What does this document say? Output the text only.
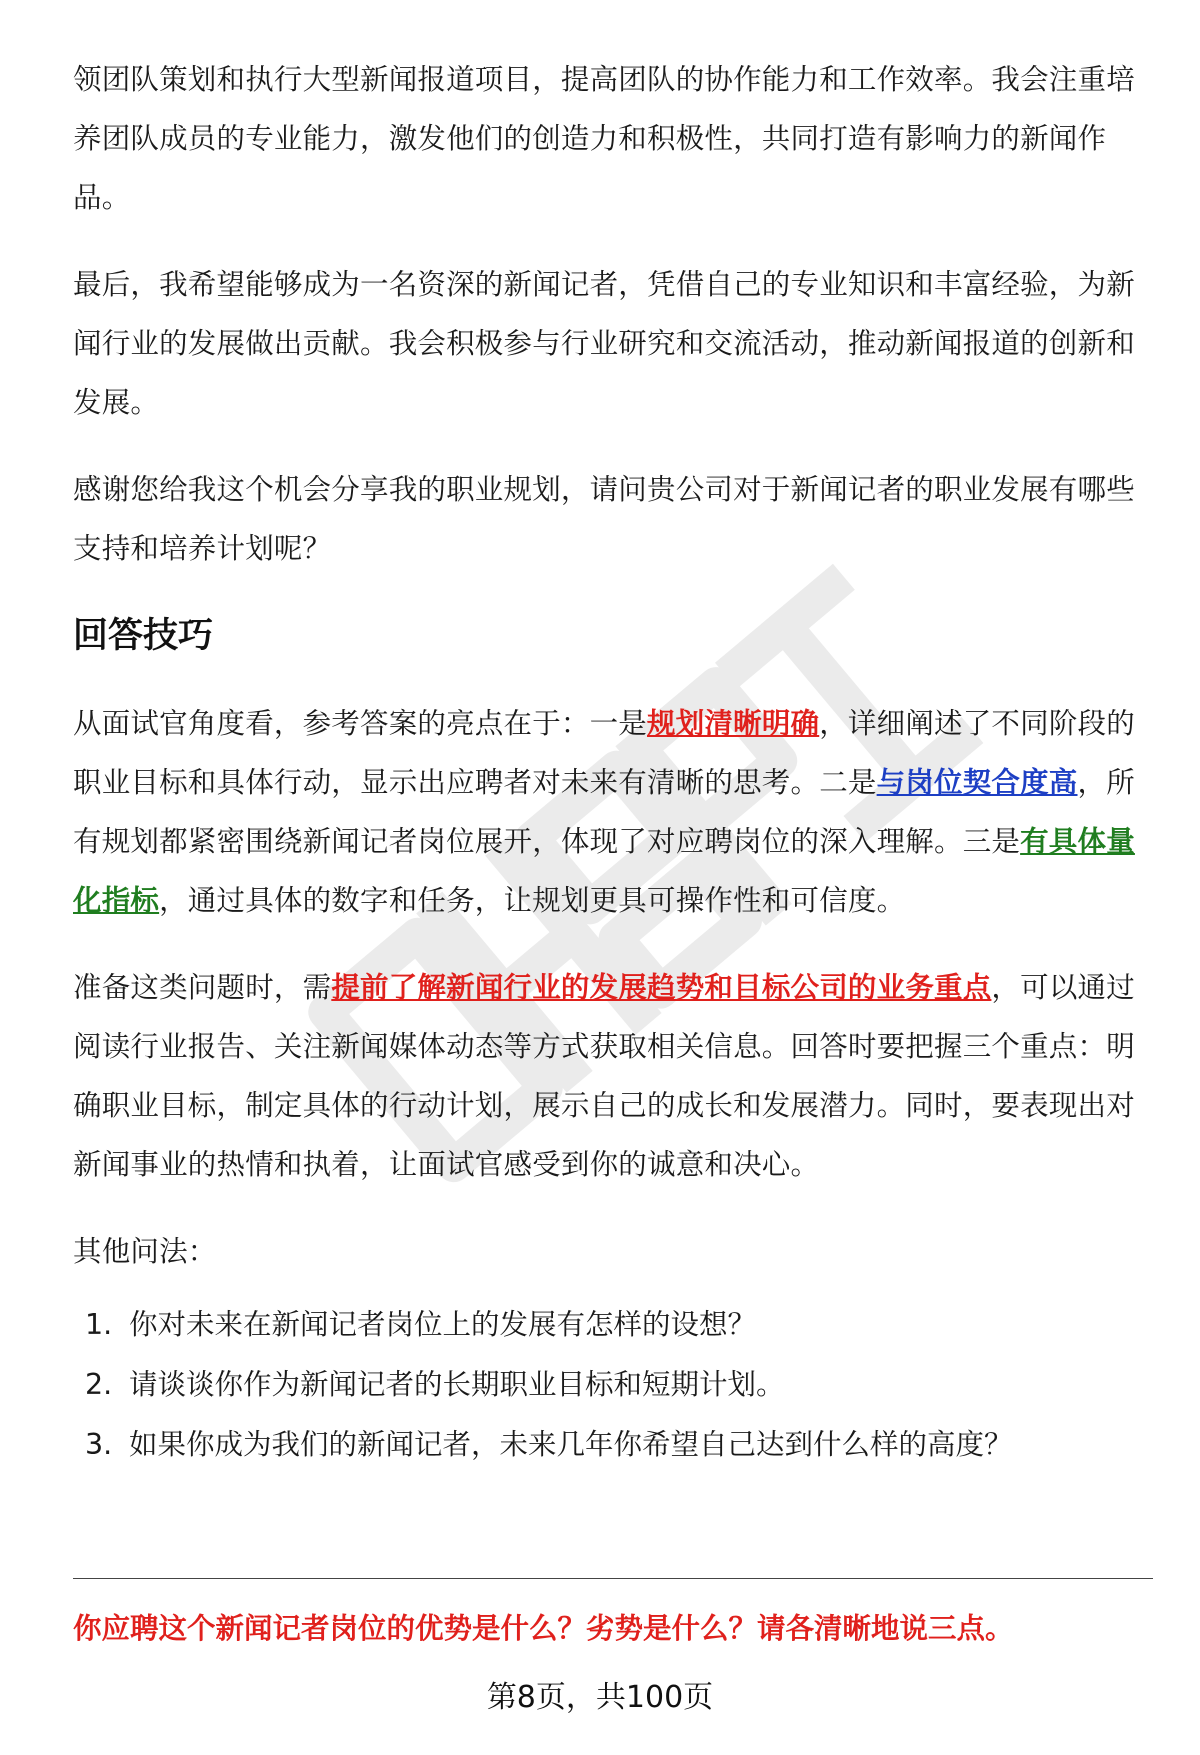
领团队策划和执行大型新闻报道项目，提高团队的协作能力和工作效率。我会注重培养团队成员的专业能力，激发他们的创造力和积极性，共同打造有影响力的新闻作品。

最后，我希望能够成为一名资深的新闻记者，凭借自己的专业知识和丰富经验，为新闻行业的发展做出贡献。我会积极参与行业研究和交流活动，推动新闻报道的创新和发展。

感谢您给我这个机会分享我的职业规划，请问贵公司对于新闻记者的职业发展有哪些支持和培养计划呢？

回答技巧

从面试官角度看，参考答案的亮点在于：一是规划清晰明确，详细阐述了不同阶段的职业目标和具体行动，显示出应聘者对未来有清晰的思考。二是与岗位契合度高，所有规划都紧密围绕新闻记者岗位展开，体现了对应聘岗位的深入理解。三是有具体量化指标，通过具体的数字和任务，让规划更具可操作性和可信度。

准备这类问题时，需提前了解新闻行业的发展趋势和目标公司的业务重点，可以通过阅读行业报告、关注新闻媒体动态等方式获取相关信息。回答时要把握三个重点：明确职业目标，制定具体的行动计划，展示自己的成长和发展潜力。同时，要表现出对新闻事业的热情和执着，让面试官感受到你的诚意和决心。

其他问法：

1. 你对未来在新闻记者岗位上的发展有怎样的设想？
2. 请谈谈你作为新闻记者的长期职业目标和短期计划。
3. 如果你成为我们的新闻记者，未来几年你希望自己达到什么样的高度？
你应聘这个新闻记者岗位的优势是什么？劣势是什么？请各清晰地说三点。
第8页，共100页
